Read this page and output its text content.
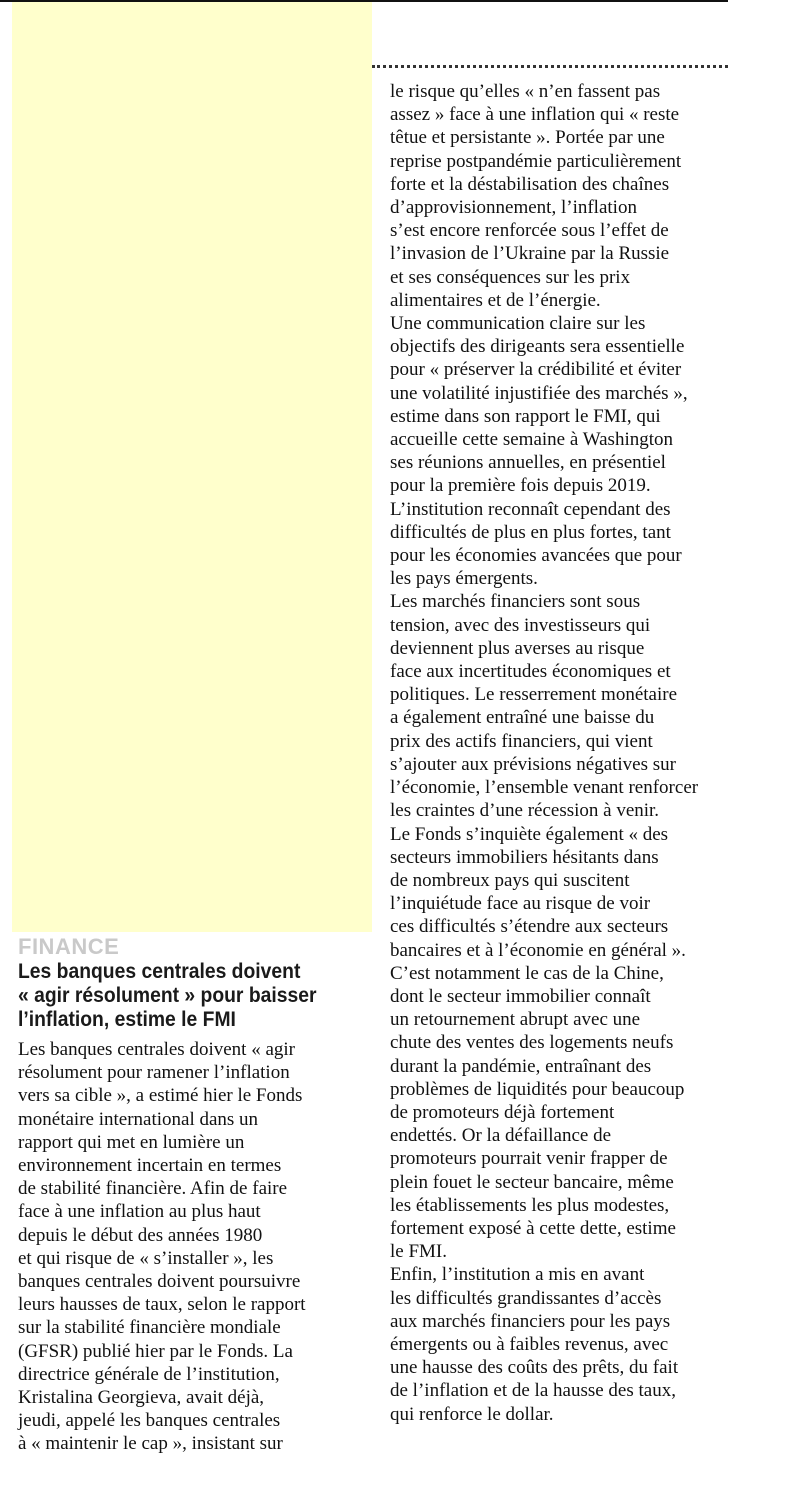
FINANCE
Les banques centrales doivent
« agir résolument » pour baisser
l’inflation, estime le FMI
Les banques centrales doivent « agir
résolument pour ramener l’inflation
vers sa cible », a estimé hier le Fonds
monétaire international dans un
rapport qui met en lumière un
environnement incertain en termes
de stabilité financière. Afin de faire
face à une inflation au plus haut
depuis le début des années 1980
et qui risque de « s’installer », les
banques centrales doivent poursuivre
leurs hausses de taux, selon le rapport
sur la stabilité financière mondiale
(GFSR) publié hier par le Fonds. La
directrice générale de l’institution,
Kristalina Georgieva, avait déjà,
jeudi, appelé les banques centrales
à « maintenir le cap », insistant sur
le risque qu’elles « n’en fassent pas
assez » face à une inflation qui « reste
têtue et persistante ». Portée par une
reprise postpandémie particulièrement
forte et la déstabilisation des chaînes
d’approvisionnement, l’inflation
s’est encore renforcée sous l’effet de
l’invasion de l’Ukraine par la Russie
et ses conséquences sur les prix
alimentaires et de l’énergie.
Une communication claire sur les
objectifs des dirigeants sera essentielle
pour « préserver la crédibilité et éviter
une volatilité injustifiée des marchés »,
estime dans son rapport le FMI, qui
accueille cette semaine à Washington
ses réunions annuelles, en présentiel
pour la première fois depuis 2019.
L’institution reconnaît cependant des
difficultés de plus en plus fortes, tant
pour les économies avancées que pour
les pays émergents.
Les marchés financiers sont sous
tension, avec des investisseurs qui
deviennent plus averses au risque
face aux incertitudes économiques et
politiques. Le resserrement monétaire
a également entraîné une baisse du
prix des actifs financiers, qui vient
s’ajouter aux prévisions négatives sur
l’économie, l’ensemble venant renforcer
les craintes d’une récession à venir.
Le Fonds s’inquiète également « des
secteurs immobiliers hésitants dans
de nombreux pays qui suscitent
l’inquiétude face au risque de voir
ces difficultés s’étendre aux secteurs
bancaires et à l’économie en général ».
C’est notamment le cas de la Chine,
dont le secteur immobilier connaît
un retournement abrupt avec une
chute des ventes des logements neufs
durant la pandémie, entraînant des
problèmes de liquidités pour beaucoup
de promoteurs déjà fortement
endettés. Or la défaillance de
promoteurs pourrait venir frapper de
plein fouet le secteur bancaire, même
les établissements les plus modestes,
fortement exposé à cette dette, estime
le FMI.
Enfin, l’institution a mis en avant
les difficultés grandissantes d’accès
aux marchés financiers pour les pays
émergents ou à faibles revenus, avec
une hausse des coûts des prêts, du fait
de l’inflation et de la hausse des taux,
qui renforce le dollar.
